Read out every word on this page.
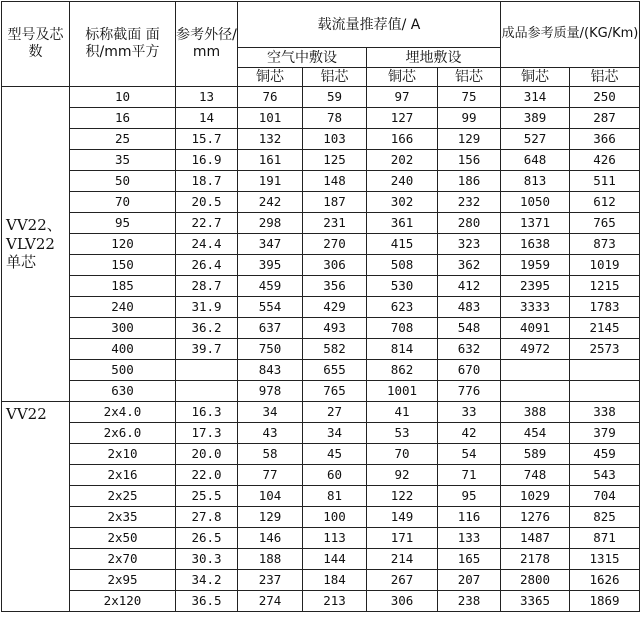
型号及芯数	标称截面 面积/mm平方	参考外径/ mm	载流量推荐值/ A				成品参考质量/(KG/Km)	
			空气中敷设		埋地敷设			
			铜芯	铝芯	铜芯	铝芯	铜芯	铝芯
VV22、VLV22单芯	10	13	76	59	97	75	314	250
	16	14	101	78	127	99	389	287
	25	15.7	132	103	166	129	527	366
	35	16.9	161	125	202	156	648	426
	50	18.7	191	148	240	186	813	511
	70	20.5	242	187	302	232	1050	612
	95	22.7	298	231	361	280	1371	765
	120	24.4	347	270	415	323	1638	873
	150	26.4	395	306	508	362	1959	1019
	185	28.7	459	356	530	412	2395	1215
	240	31.9	554	429	623	483	3333	1783
	300	36.2	637	493	708	548	4091	2145
	400	39.7	750	582	814	632	4972	2573
	500		843	655	862	670		
	630		978	765	1001	776		
VV22	2x4.0	16.3	34	27	41	33	388	338
	2x6.0	17.3	43	34	53	42	454	379
	2x10	20.0	58	45	70	54	589	459
	2x16	22.0	77	60	92	71	748	543
	2x25	25.5	104	81	122	95	1029	704
	2x35	27.8	129	100	149	116	1276	825
	2x50	26.5	146	113	171	133	1487	871
	2x70	30.3	188	144	214	165	2178	1315
	2x95	34.2	237	184	267	207	2800	1626
	2x120	36.5	274	213	306	238	3365	1869
